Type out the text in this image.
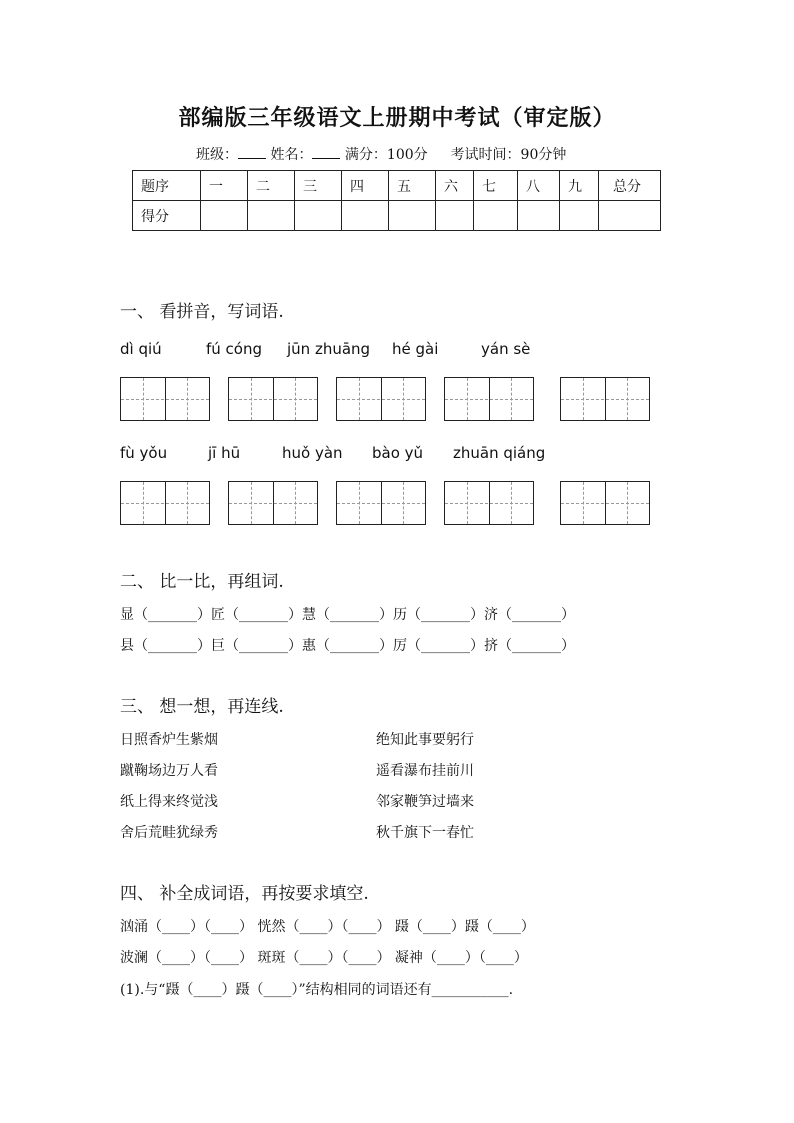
部编版三年级语文上册期中考试（审定版）
班级： 姓名： 满分：100分 考试时间：90分钟
题序	一	二	三	四	五	六	七	八	九	总分
得分										
一、 看拼音，写词语.
dì qiú	fú cóng jūn zhuāng hé gài	yán sè
fù yǒu	jī hū	huǒ yàn bào yǔ zhuān qiáng
二、 比一比，再组词.
显（_______）匠（_______）慧（_______）历（_______）济（_______）
县（_______）巨（_______）惠（_______）厉（_______）挤（_______）
三、 想一想，再连线.
日照香炉生紫烟
蹴鞠场边万人看
纸上得来终觉浅
舍后荒畦犹绿秀
绝知此事要躬行
遥看瀑布挂前川
邻家鞭笋过墙来
秋千旗下一春忙
四、 补全成词语，再按要求填空.
汹涌（____）（____） 恍然（____）（____） 蹑（____）蹑（____）
波澜（____）（____） 斑斑（____）（____） 凝神（____）（____）
(1).与“蹑（____）蹑（____）”结构相同的词语还有___________.
